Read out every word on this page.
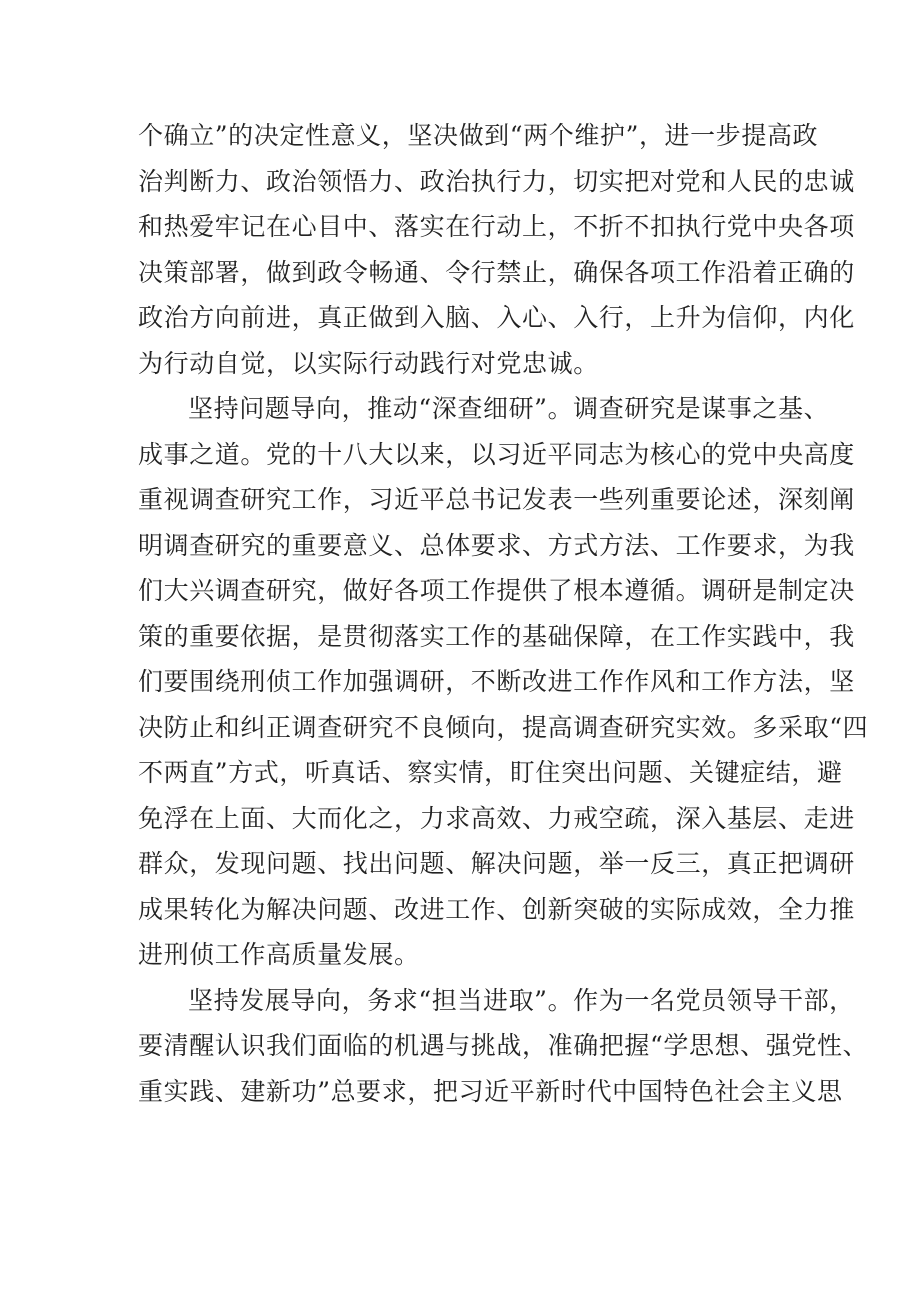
个确立”的决定性意义，坚决做到“两个维护”，进一步提高政
治判断力、政治领悟力、政治执行力，切实把对党和人民的忠诚
和热爱牢记在心目中、落实在行动上，不折不扣执行党中央各项
决策部署，做到政令畅通、令行禁止，确保各项工作沿着正确的
政治方向前进，真正做到入脑、入心、入行，上升为信仰，内化
为行动自觉，以实际行动践行对党忠诚。
坚持问题导向，推动“深查细研”。调查研究是谋事之基、
成事之道。党的十八大以来，以习近平同志为核心的党中央高度
重视调查研究工作，习近平总书记发表一些列重要论述，深刻阐
明调查研究的重要意义、总体要求、方式方法、工作要求，为我
们大兴调查研究，做好各项工作提供了根本遵循。调研是制定决
策的重要依据，是贯彻落实工作的基础保障，在工作实践中，我
们要围绕刑侦工作加强调研，不断改进工作作风和工作方法，坚
决防止和纠正调查研究不良倾向，提高调查研究实效。多采取“四
不两直”方式，听真话、察实情，盯住突出问题、关键症结，避
免浮在上面、大而化之，力求高效、力戒空疏，深入基层、走进
群众，发现问题、找出问题、解决问题，举一反三，真正把调研
成果转化为解决问题、改进工作、创新突破的实际成效，全力推
进刑侦工作高质量发展。
坚持发展导向，务求“担当进取”。作为一名党员领导干部，
要清醒认识我们面临的机遇与挑战，准确把握“学思想、强党性、
重实践、建新功”总要求，把习近平新时代中国特色社会主义思
